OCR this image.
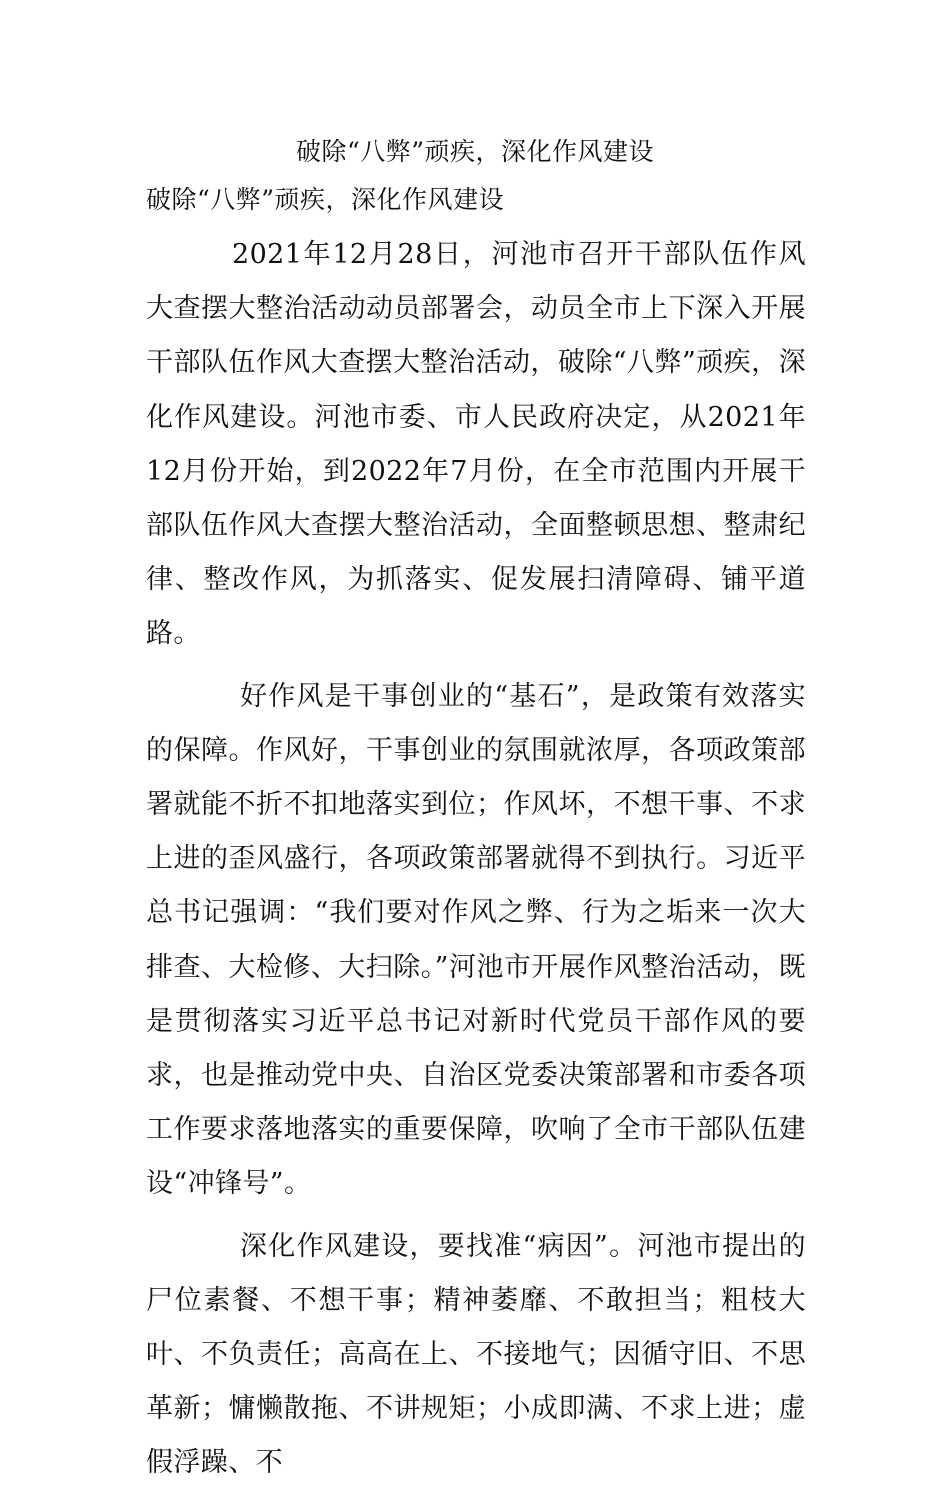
破除“八弊”顽疾，深化作风建设
破除“八弊”顽疾，深化作风建设

2021年12月28日，河池市召开干部队伍作风大查摆大整治活动动员部署会，动员全市上下深入开展干部队伍作风大查摆大整治活动，破除“八弊”顽疾，深化作风建设。河池市委、市人民政府决定，从2021年12月份开始，到2022年7月份，在全市范围内开展干部队伍作风大查摆大整治活动，全面整顿思想、整肃纪律、整改作风，为抓落实、促发展扫清障碍、铺平道路。

好作风是干事创业的“基石”，是政策有效落实的保障。作风好，干事创业的氛围就浓厚，各项政策部署就能不折不扣地落实到位；作风坏，不想干事、不求上进的歪风盛行，各项政策部署就得不到执行。习近平总书记强调：“我们要对作风之弊、行为之垢来一次大排查、大检修、大扫除。”河池市开展作风整治活动，既是贯彻落实习近平总书记对新时代党员干部作风的要求，也是推动党中央、自治区党委决策部署和市委各项工作要求落地落实的重要保障，吹响了全市干部队伍建设“冲锋号”。

深化作风建设，要找准“病因”。河池市提出的尸位素餐、不想干事；精神萎靡、不敢担当；粗枝大叶、不负责任；高高在上、不接地气；因循守旧、不思革新；慵懒散拖、不讲规矩；小成即满、不求上进；虚假浮躁、不
